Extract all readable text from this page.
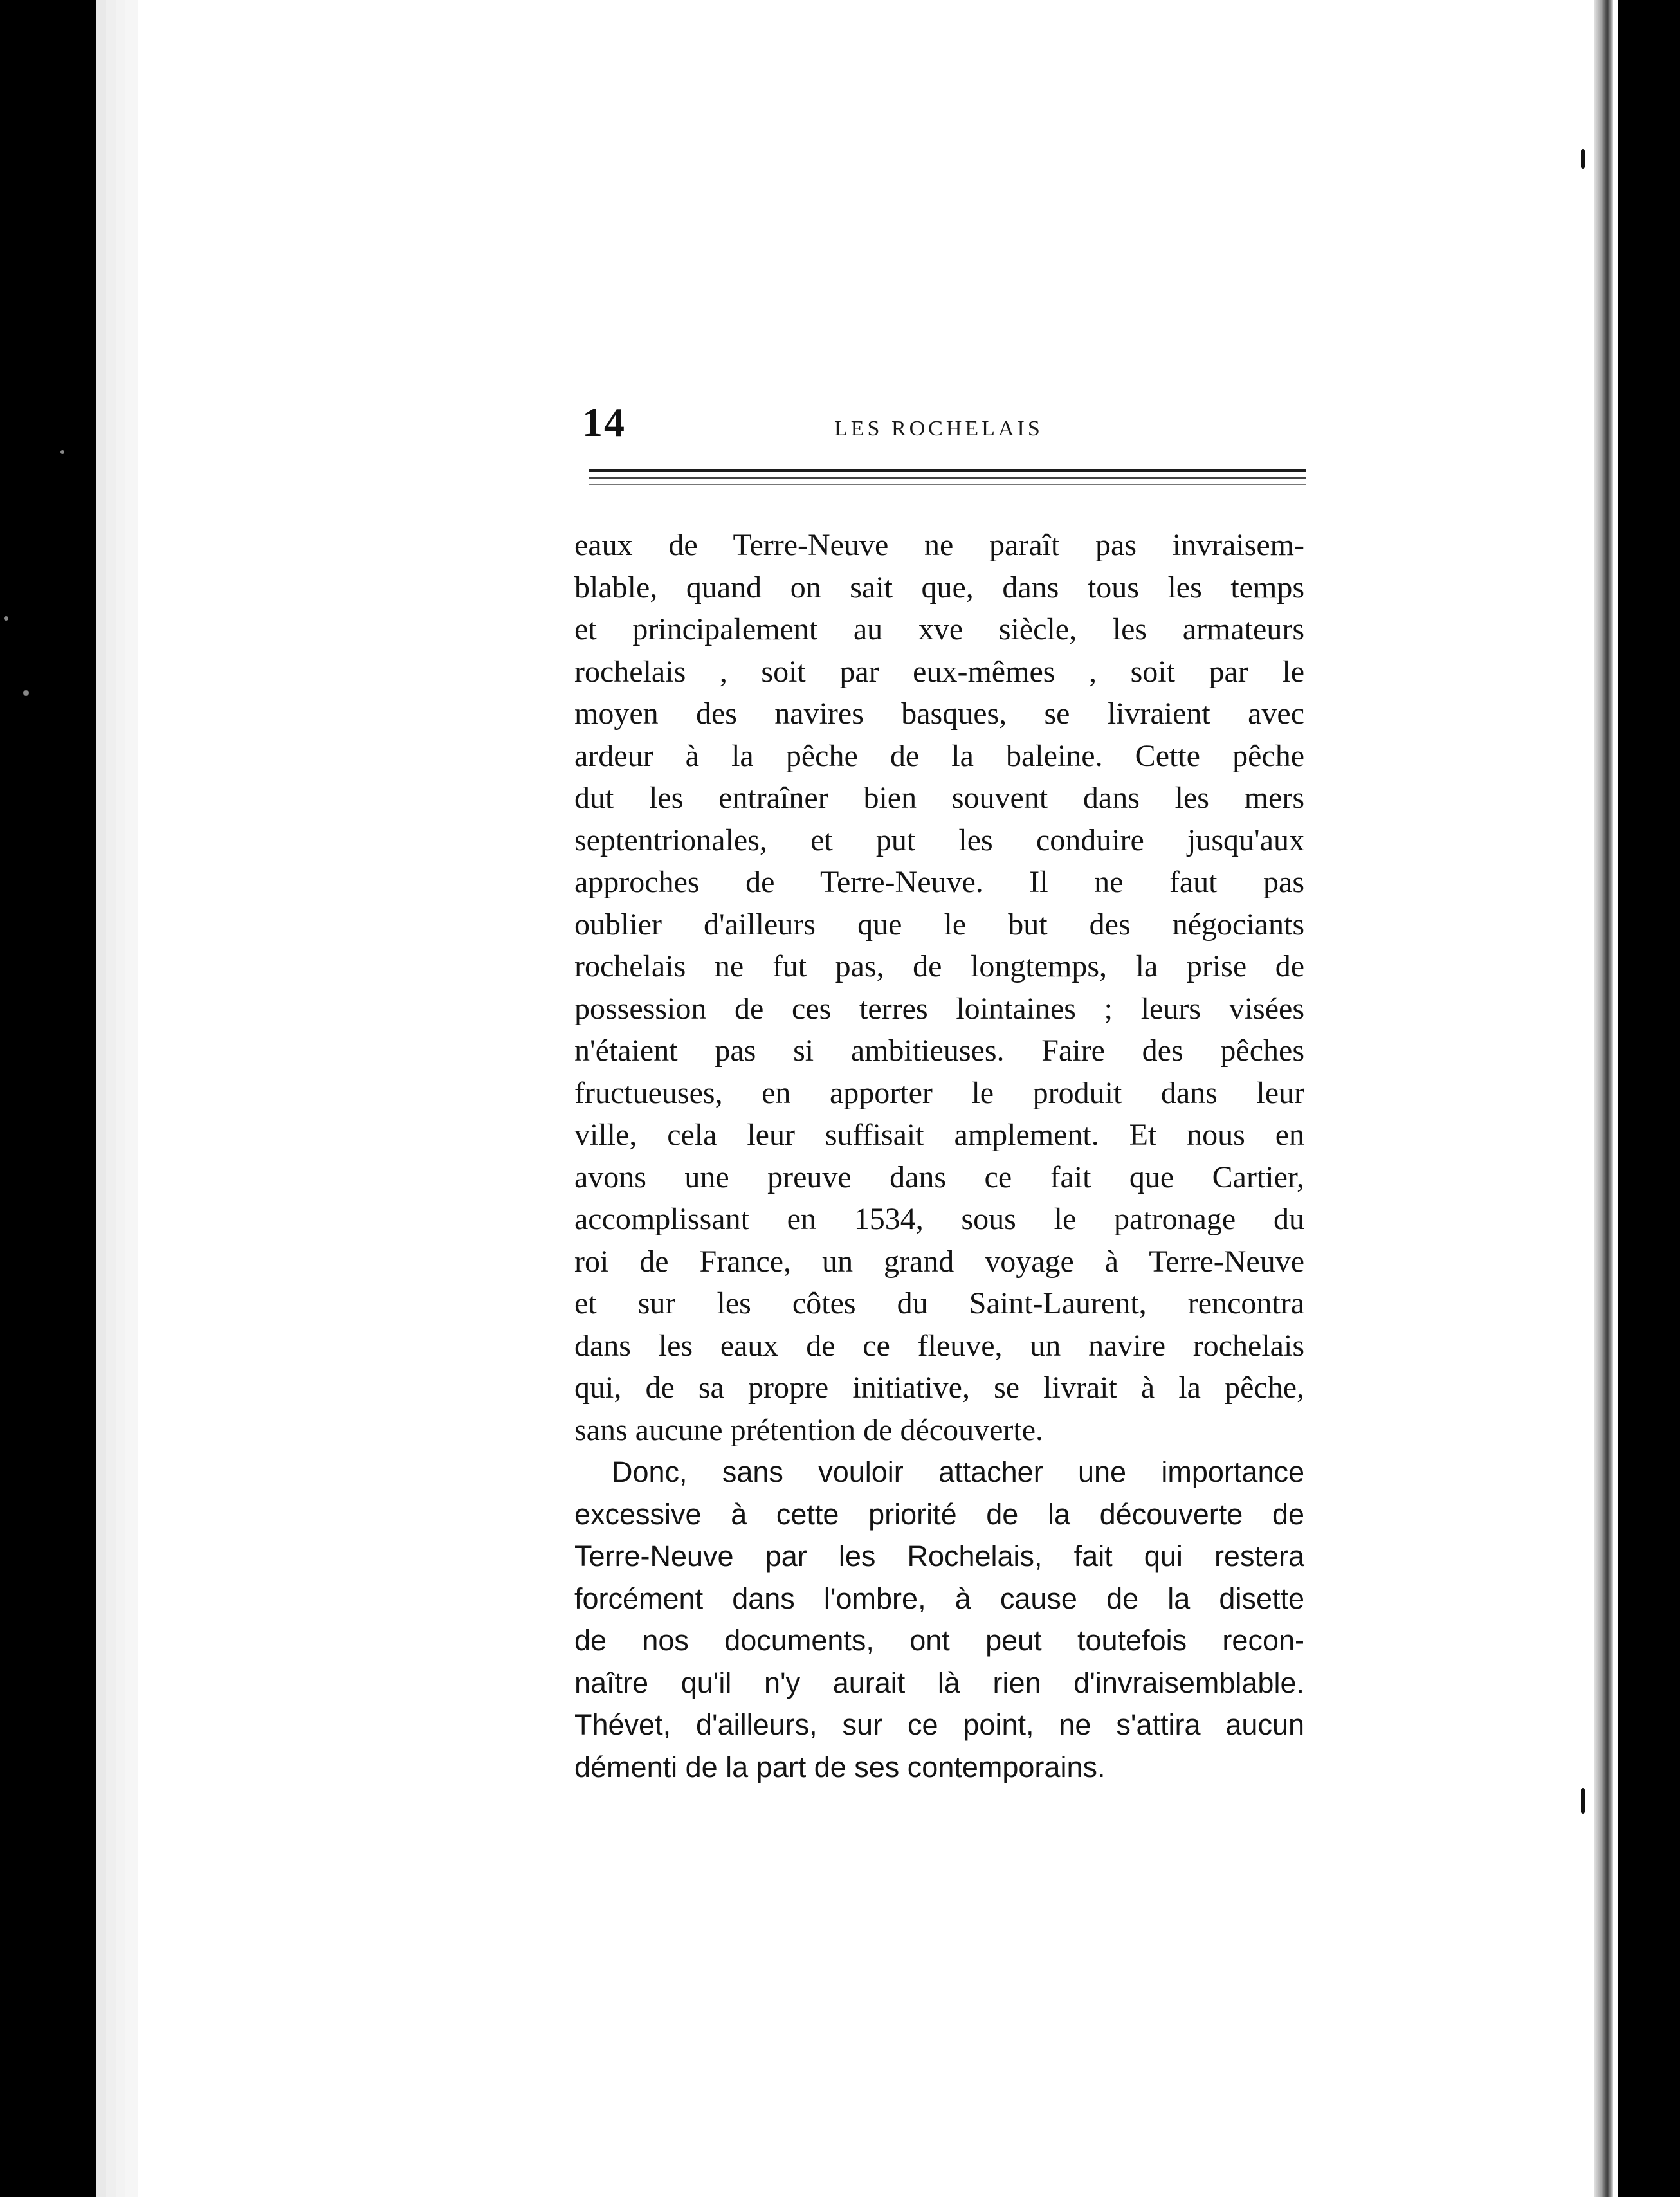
14	LES ROCHELAIS
eaux de Terre-Neuve ne paraît pas invraisem-
blable, quand on sait que, dans tous les temps
et principalement au xve siècle, les armateurs
rochelais , soit par eux-mêmes , soit par le
moyen des navires basques, se livraient avec
ardeur à la pêche de la baleine. Cette pêche
dut les entraîner bien souvent dans les mers
septentrionales, et put les conduire jusqu'aux
approches de Terre-Neuve. Il ne faut pas
oublier d'ailleurs que le but des négociants
rochelais ne fut pas, de longtemps, la prise de
possession de ces terres lointaines ; leurs visées
n'étaient pas si ambitieuses. Faire des pêches
fructueuses, en apporter le produit dans leur
ville, cela leur suffisait amplement. Et nous en
avons une preuve dans ce fait que Cartier,
accomplissant en 1534, sous le patronage du
roi de France, un grand voyage à Terre-Neuve
et sur les côtes du Saint-Laurent, rencontra
dans les eaux de ce fleuve, un navire rochelais
qui, de sa propre initiative, se livrait à la pêche,
sans aucune prétention de découverte.
Donc, sans vouloir attacher une importance
excessive à cette priorité de la découverte de
Terre-Neuve par les Rochelais, fait qui restera
forcément dans l'ombre, à cause de la disette
de nos documents, ont peut toutefois recon-
naître qu'il n'y aurait là rien d'invraisemblable.
Thévet, d'ailleurs, sur ce point, ne s'attira aucun
démenti de la part de ses contemporains.
